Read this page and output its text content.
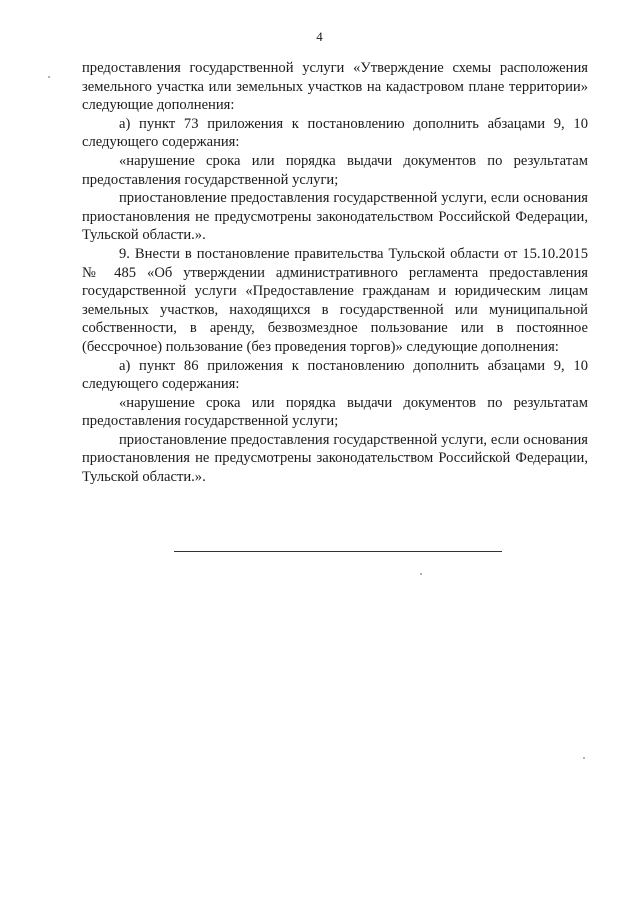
4

предоставления государственной услуги «Утверждение схемы расположения земельного участка или земельных участков на кадастровом плане территории» следующие дополнения:

а) пункт 73 приложения к постановлению дополнить абзацами 9, 10 следующего содержания:

«нарушение срока или порядка выдачи документов по результатам предоставления государственной услуги;

приостановление предоставления государственной услуги, если основания приостановления не предусмотрены законодательством Российской Федерации, Тульской области.».

9. Внести в постановление правительства Тульской области от 15.10.2015 № 485 «Об утверждении административного регламента предоставления государственной услуги «Предоставление гражданам и юридическим лицам земельных участков, находящихся в государственной или муниципальной собственности, в аренду, безвозмездное пользование или в постоянное (бессрочное) пользование (без проведения торгов)» следующие дополнения:

а) пункт 86 приложения к постановлению дополнить абзацами 9, 10 следующего содержания:

«нарушение срока или порядка выдачи документов по результатам предоставления государственной услуги;

приостановление предоставления государственной услуги, если основания приостановления не предусмотрены законодательством Российской Федерации, Тульской области.».
